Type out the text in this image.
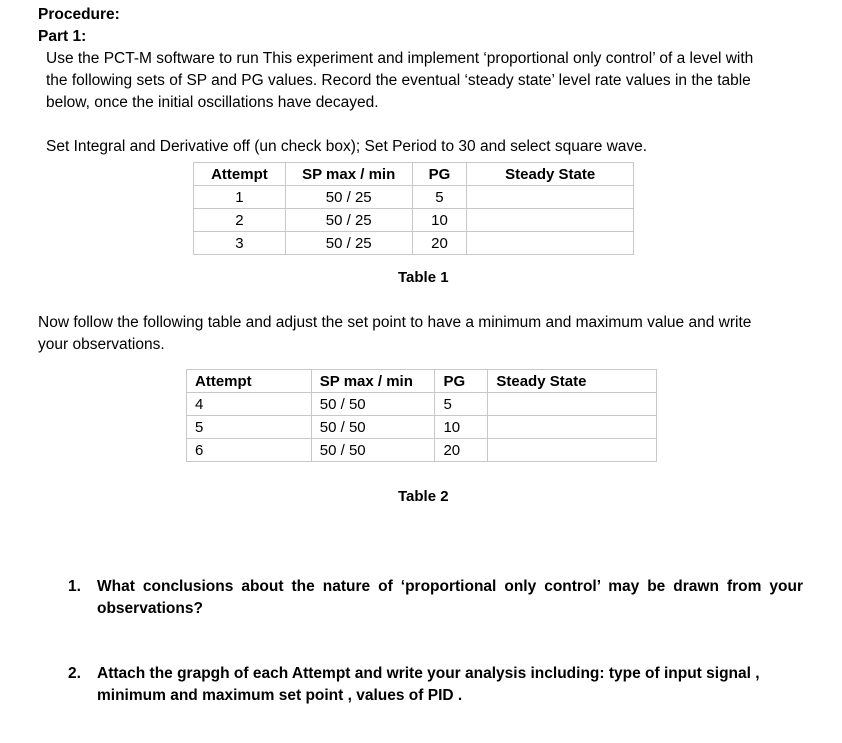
Procedure:
Part 1:
Use the PCT-M software to run This experiment and implement ‘proportional only control’ of a level with
the following sets of SP and PG values. Record the eventual ‘steady state’ level rate values in the table
below, once the initial oscillations have decayed.
Set Integral and Derivative off (un check box); Set Period to 30 and select square wave.
Attempt	SP max / min	PG	Steady State
1	50 / 25	5	
2	50 / 25	10	
3	50 / 25	20	
Table 1
Now follow the following table and adjust the set point to have a minimum and maximum value and write
your observations.
Attempt	SP max / min	PG	Steady State
4	50 / 50	5	
5	50 / 50	10	
6	50 / 50	20	
Table 2
1. What conclusions about the nature of ‘proportional only control’ may be drawn from your
observations?
2. Attach the grapgh of each Attempt and write your analysis including: type of input signal ,
minimum and maximum set point , values of PID .
